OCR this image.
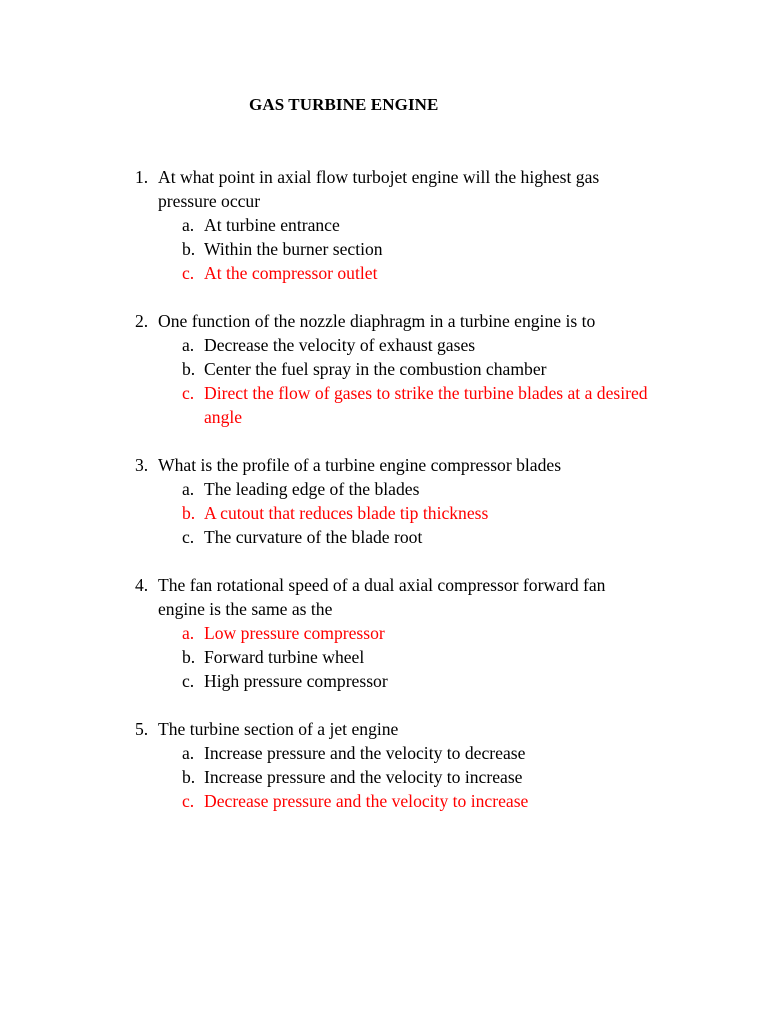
GAS TURBINE ENGINE
1. At what point in axial flow turbojet engine will the highest gas pressure occur
a. At turbine entrance
b. Within the burner section
c. At the compressor outlet
2. One function of the nozzle diaphragm in a turbine engine is to
a. Decrease the velocity of exhaust gases
b. Center the fuel spray in the combustion chamber
c. Direct the flow of gases to strike the turbine blades at a desired angle
3. What is the profile of a turbine engine compressor blades
a. The leading edge of the blades
b. A cutout that reduces blade tip thickness
c. The curvature of the blade root
4. The fan rotational speed of a dual axial compressor forward fan engine is the same as the
a. Low pressure compressor
b. Forward turbine wheel
c. High pressure compressor
5. The turbine section of a jet engine
a. Increase pressure and the velocity to decrease
b. Increase pressure and the velocity to increase
c. Decrease pressure and the velocity to increase
